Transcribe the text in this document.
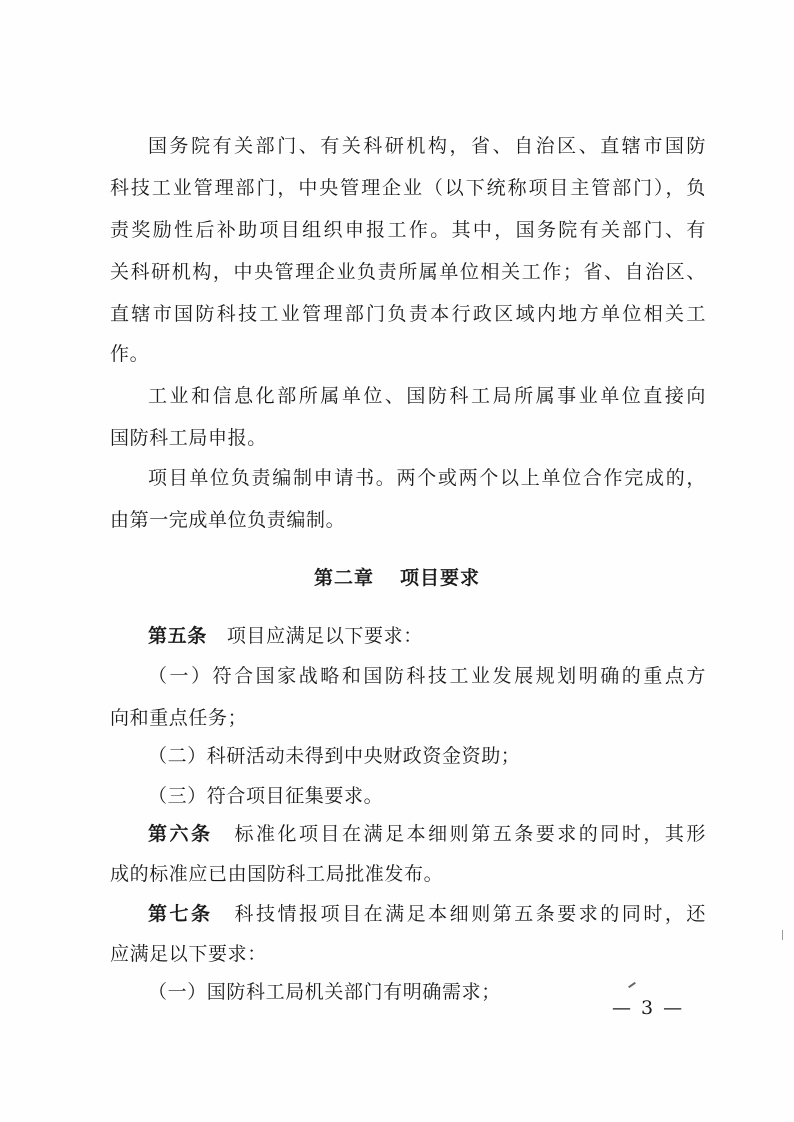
国务院有关部门、有关科研机构，省、自治区、直辖市国防
科技工业管理部门，中央管理企业（以下统称项目主管部门），负
责奖励性后补助项目组织申报工作。其中，国务院有关部门、有
关科研机构，中央管理企业负责所属单位相关工作；省、自治区、
直辖市国防科技工业管理部门负责本行政区域内地方单位相关工
作。
工业和信息化部所属单位、国防科工局所属事业单位直接向
国防科工局申报。
项目单位负责编制申请书。两个或两个以上单位合作完成的，
由第一完成单位负责编制。
第二章 项目要求
第五条 项目应满足以下要求：
（一）符合国家战略和国防科技工业发展规划明确的重点方
向和重点任务；
（二）科研活动未得到中央财政资金资助；
（三）符合项目征集要求。
第六条 标准化项目在满足本细则第五条要求的同时，其形
成的标准应已由国防科工局批准发布。
第七条 科技情报项目在满足本细则第五条要求的同时，还
应满足以下要求：
（一）国防科工局机关部门有明确需求；
— 3 —
